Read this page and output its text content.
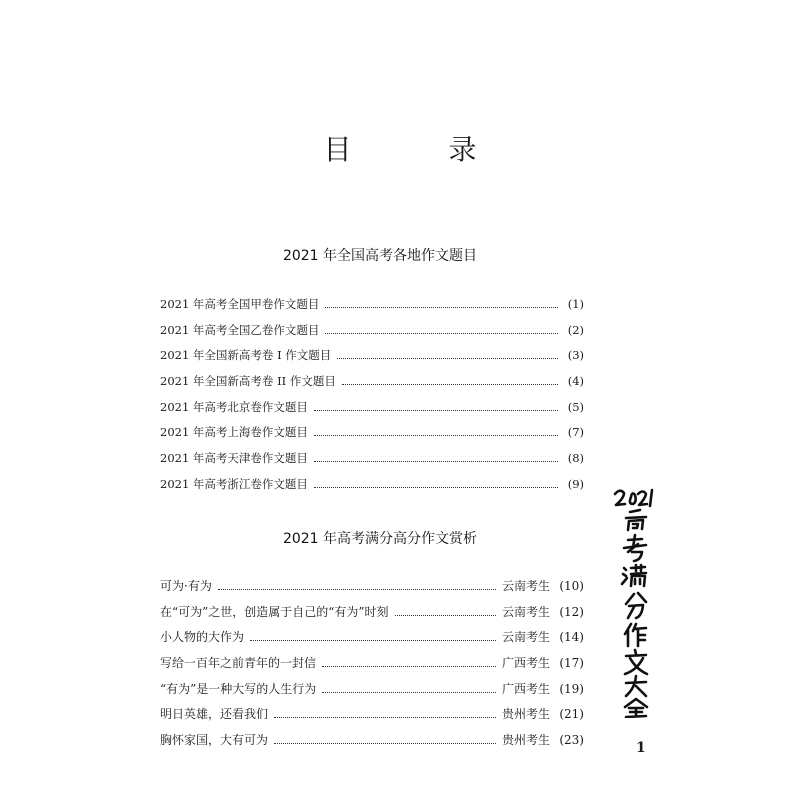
目 录
2021 年全国高考各地作文题目
2021 年高考全国甲卷作文题目	(1)
2021 年高考全国乙卷作文题目	(2)
2021 年全国新高考卷 I 作文题目	(3)
2021 年全国新高考卷 II 作文题目	(4)
2021 年高考北京卷作文题目	(5)
2021 年高考上海卷作文题目	(7)
2021 年高考天津卷作文题目	(8)
2021 年高考浙江卷作文题目	(9)
2021 年高考满分高分作文赏析
可为·有为	云南考生 (10)
在“可为”之世，创造属于自己的“有为”时刻	云南考生 (12)
小人物的大作为	云南考生 (14)
写给一百年之前青年的一封信	广西考生 (17)
“有为”是一种大写的人生行为	广西考生 (19)
明日英雄，还看我们	贵州考生 (21)
胸怀家国，大有可为	贵州考生 (23)	1
